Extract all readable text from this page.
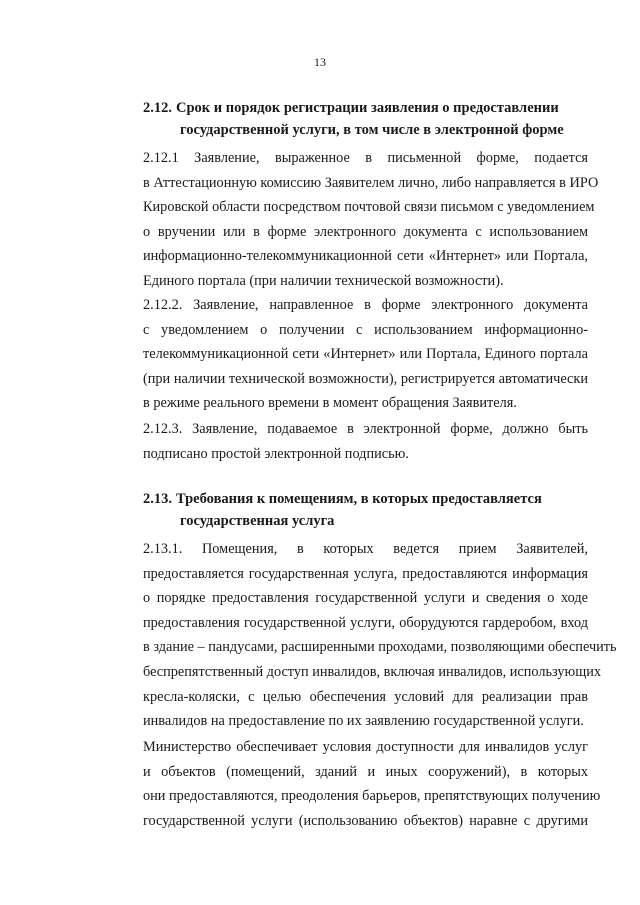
13
2.12. Срок и порядок регистрации заявления о предоставлении
государственной услуги, в том числе в электронной форме
2.12.1 Заявление, выраженное в письменной форме, подается
в Аттестационную комиссию Заявителем лично, либо направляется в ИРО
Кировской области посредством почтовой связи письмом с уведомлением
о вручении или в форме электронного документа с использованием
информационно-телекоммуникационной сети «Интернет» или Портала,
Единого портала (при наличии технической возможности).
2.12.2. Заявление, направленное в форме электронного документа
с уведомлением о получении с использованием информационно-
телекоммуникационной сети «Интернет» или Портала, Единого портала
(при наличии технической возможности), регистрируется автоматически
в режиме реального времени в момент обращения Заявителя.
2.12.3. Заявление, подаваемое в электронной форме, должно быть
подписано простой электронной подписью.
2.13. Требования к помещениям, в которых предоставляется
государственная услуга
2.13.1. Помещения, в которых ведется прием Заявителей,
предоставляется государственная услуга, предоставляются информация
о порядке предоставления государственной услуги и сведения о ходе
предоставления государственной услуги, оборудуются гардеробом, вход
в здание – пандусами, расширенными проходами, позволяющими обеспечить
беспрепятственный доступ инвалидов, включая инвалидов, использующих
кресла-коляски, с целью обеспечения условий для реализации прав
инвалидов на предоставление по их заявлению государственной услуги.
Министерство обеспечивает условия доступности для инвалидов услуг
и объектов (помещений, зданий и иных сооружений), в которых
они предоставляются, преодоления барьеров, препятствующих получению
государственной услуги (использованию объектов) наравне с другими
